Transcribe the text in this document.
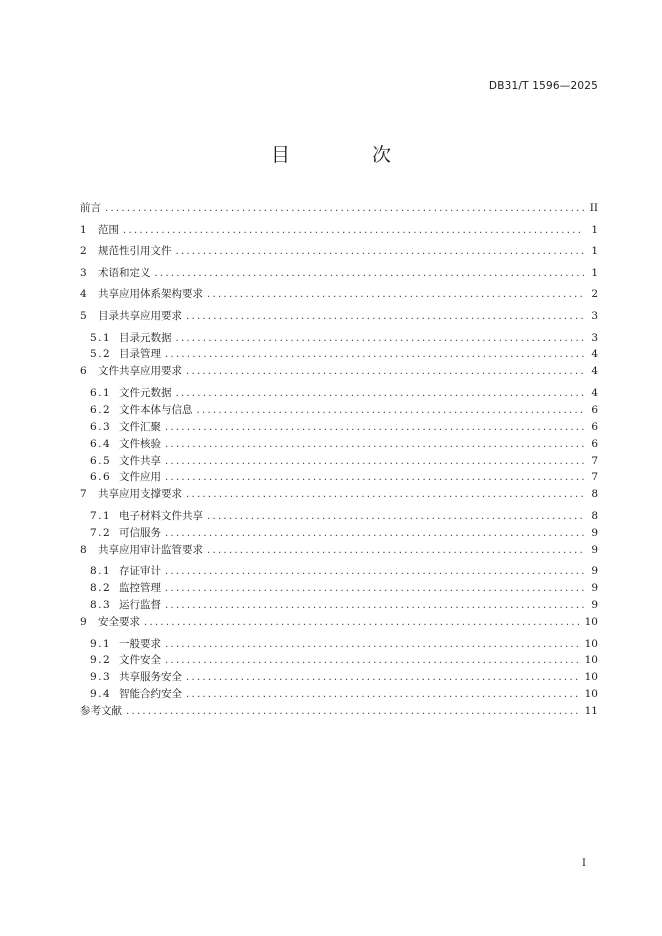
DB31/T 1596—2025
目 次
前言 .....	II
1	范围 .....	1
2	规范性引用文件 .....	1
3	术语和定义 .....	1
4	共享应用体系架构要求 .....	2
5	目录共享应用要求 .....	3
5.1 目录元数据 .....	3
5.2 目录管理 .....	4
6	文件共享应用要求 .....	4
6.1 文件元数据 .....	4
6.2 文件本体与信息 .....	6
6.3 文件汇聚 .....	6
6.4 文件核验 .....	6
6.5 文件共享 .....	7
6.6 文件应用 .....	7
7	共享应用支撑要求 .....	8
7.1 电子材料文件共享 .....	8
7.2 可信服务 .....	9
8	共享应用审计监管要求 .....	9
8.1 存证审计 .....	9
8.2 监控管理 .....	9
8.3 运行监督 .....	9
9	安全要求 .....	10
9.1 一般要求 .....	10
9.2 文件安全 .....	10
9.3 共享服务安全 .....	10
9.4 智能合约安全 .....	10
参考文献 .....	11
I
